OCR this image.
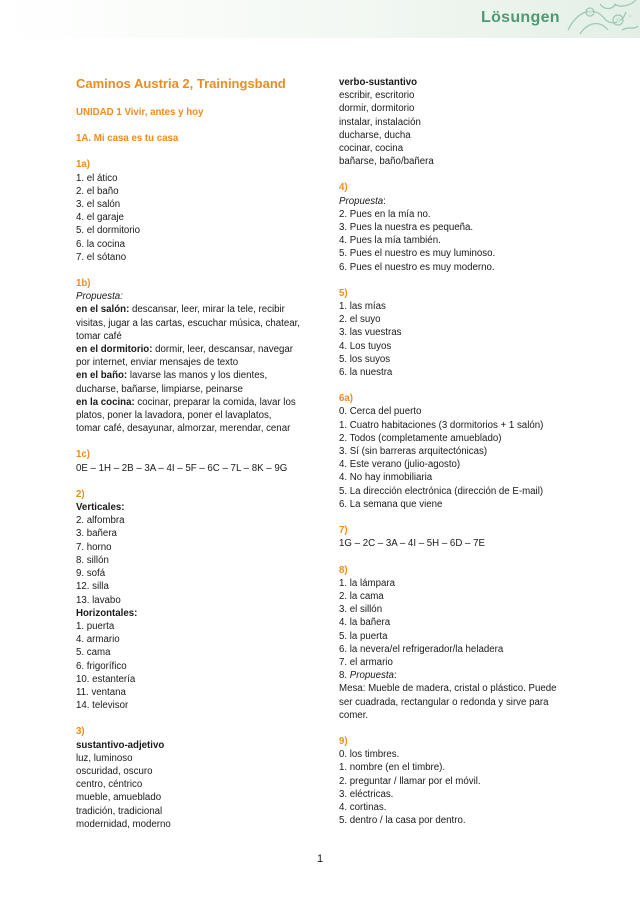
Lösungen
Caminos Austria 2, Trainingsband
UNIDAD 1 Vivir, antes y hoy
1A. Mi casa es tu casa

1a)

1. el ático

2. el baño

3. el salón

4. el garaje

5. el dormitorio

6. la cocina

7. el sótano

1b)

Propuesta:

en el salón: descansar, leer, mirar la tele, recibir

visitas, jugar a las cartas, escuchar música, chatear,

tomar café

en el dormitorio: dormir, leer, descansar, navegar

por internet, enviar mensajes de texto

en el baño: lavarse las manos y los dientes,

ducharse, bañarse, limpiarse, peinarse

en la cocina: cocinar, preparar la comida, lavar los

platos, poner la lavadora, poner el lavaplatos,

tomar café, desayunar, almorzar, merendar, cenar

1c)

0E – 1H – 2B – 3A – 4I – 5F – 6C – 7L – 8K – 9G

2)

Verticales:

2. alfombra

3. bañera

7. horno

8. sillón

9. sofá

12. silla

13. lavabo

Horizontales:

1. puerta

4. armario

5. cama

6. frigorífico

10. estantería

11. ventana

14. televisor

3)

sustantivo-adjetivo

luz, luminoso

oscuridad, oscuro

centro, céntrico

mueble, amueblado

tradición, tradicional

modernidad, moderno

verbo-sustantivo

escribir, escritorio

dormir, dormitorio

instalar, instalación

ducharse, ducha

cocinar, cocina

bañarse, baño/bañera

4)

Propuesta:

2. Pues en la mía no.

3. Pues la nuestra es pequeña.

4. Pues la mía también.

5. Pues el nuestro es muy luminoso.

6. Pues el nuestro es muy moderno.

5)

1. las mías

2. el suyo

3. las vuestras

4. Los tuyos

5. los suyos

6. la nuestra

6a)

0. Cerca del puerto

1. Cuatro habitaciones (3 dormitorios + 1 salón)

2. Todos (completamente amueblado)

3. Sí (sin barreras arquitectónicas)

4. Este verano (julio-agosto)

4. No hay inmobiliaria

5. La dirección electrónica (dirección de E-mail)

6. La semana que viene

7)

1G – 2C – 3A – 4I – 5H – 6D – 7E

8)

1. la lámpara

2. la cama

3. el sillón

4. la bañera

5. la puerta

6. la nevera/el refrigerador/la heladera

7. el armario

8. Propuesta:

Mesa: Mueble de madera, cristal o plástico. Puede

ser cuadrada, rectangular o redonda y sirve para

comer.

9)

0. los timbres.

1. nombre (en el timbre).

2. preguntar / llamar por el móvil.

3. eléctricas.

4. cortinas.

5. dentro / la casa por dentro.

1
